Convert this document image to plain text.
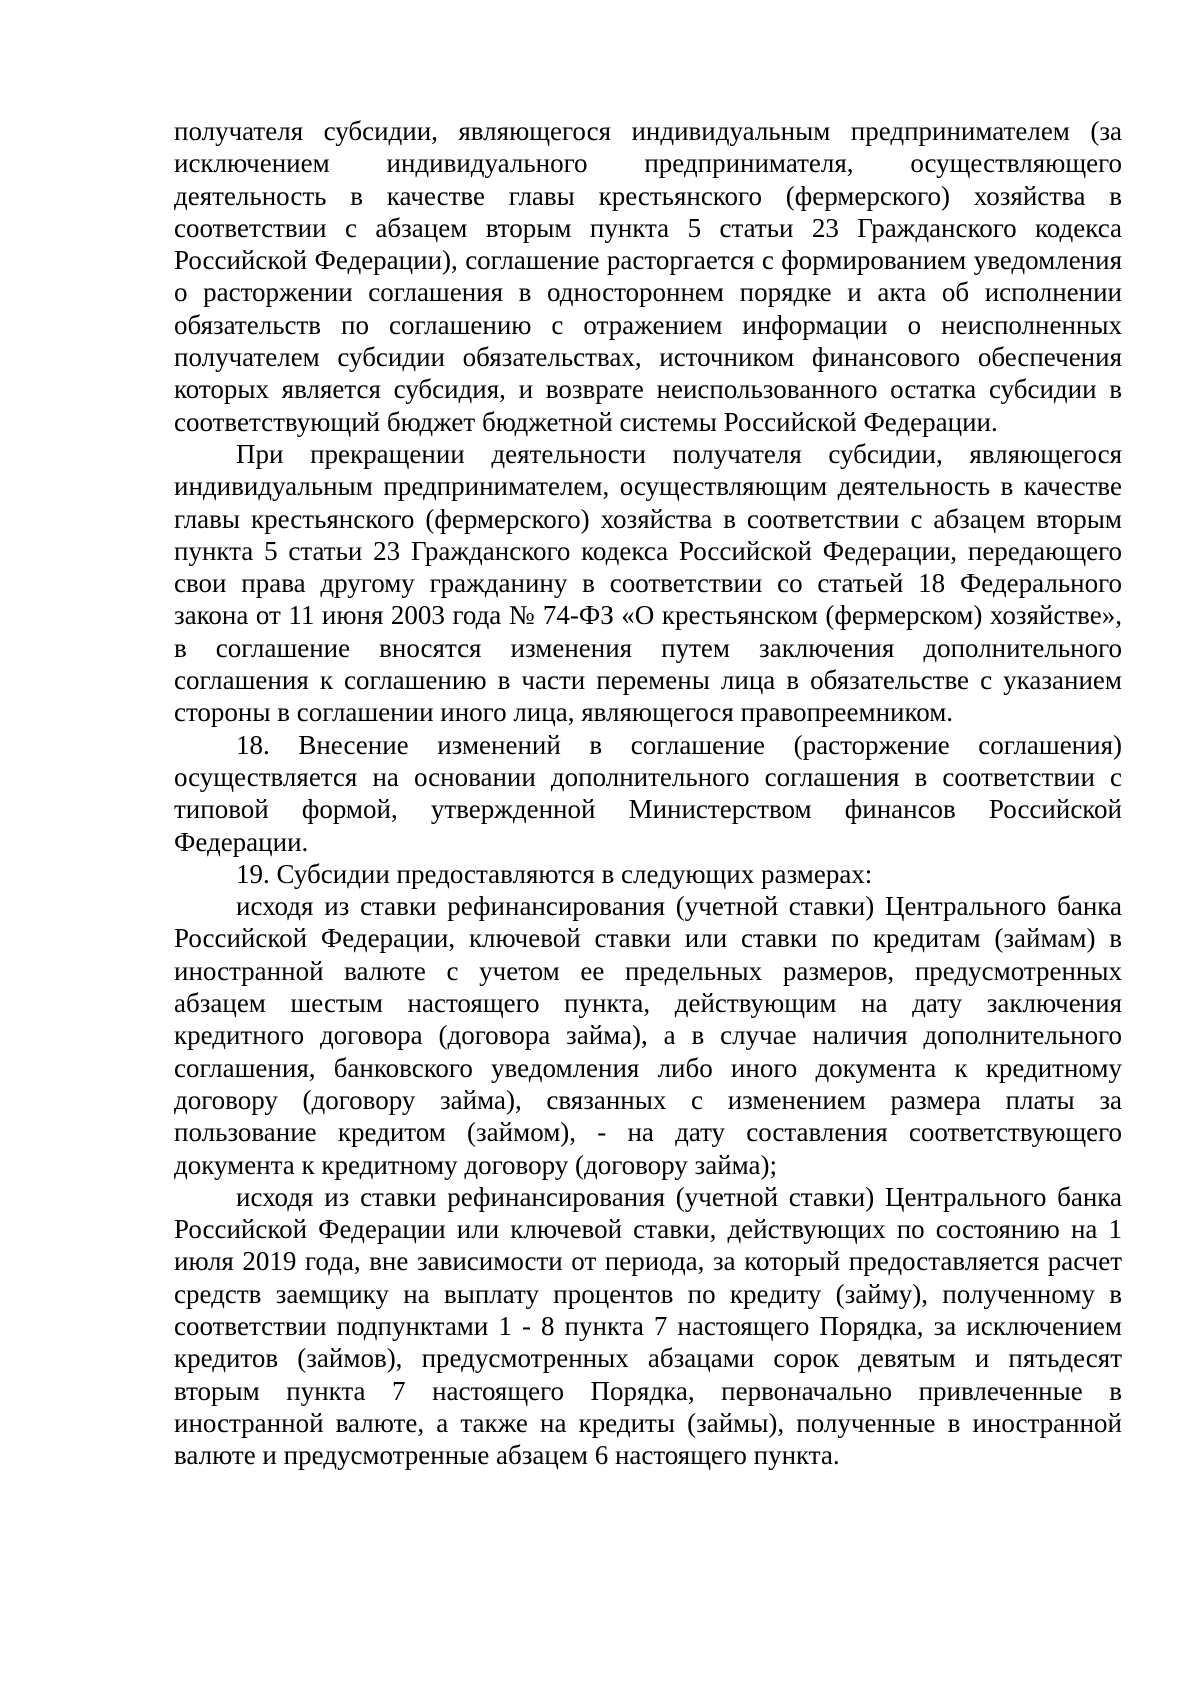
получателя субсидии, являющегося индивидуальным предпринимателем (за исключением индивидуального предпринимателя, осуществляющего деятельность в качестве главы крестьянского (фермерского) хозяйства в соответствии с абзацем вторым пункта 5 статьи 23 Гражданского кодекса Российской Федерации), соглашение расторгается с формированием уведомления о расторжении соглашения в одностороннем порядке и акта об исполнении обязательств по соглашению с отражением информации о неисполненных получателем субсидии обязательствах, источником финансового обеспечения которых является субсидия, и возврате неиспользованного остатка субсидии в соответствующий бюджет бюджетной системы Российской Федерации.

При прекращении деятельности получателя субсидии, являющегося индивидуальным предпринимателем, осуществляющим деятельность в качестве главы крестьянского (фермерского) хозяйства в соответствии с абзацем вторым пункта 5 статьи 23 Гражданского кодекса Российской Федерации, передающего свои права другому гражданину в соответствии со статьей 18 Федерального закона от 11 июня 2003 года № 74-ФЗ «О крестьянском (фермерском) хозяйстве», в соглашение вносятся изменения путем заключения дополнительного соглашения к соглашению в части перемены лица в обязательстве с указанием стороны в соглашении иного лица, являющегося правопреемником.

18. Внесение изменений в соглашение (расторжение соглашения) осуществляется на основании дополнительного соглашения в соответствии с типовой формой, утвержденной Министерством финансов Российской Федерации.

19. Субсидии предоставляются в следующих размерах:

исходя из ставки рефинансирования (учетной ставки) Центрального банка Российской Федерации, ключевой ставки или ставки по кредитам (займам) в иностранной валюте с учетом ее предельных размеров, предусмотренных абзацем шестым настоящего пункта, действующим на дату заключения кредитного договора (договора займа), а в случае наличия дополнительного соглашения, банковского уведомления либо иного документа к кредитному договору (договору займа), связанных с изменением размера платы за пользование кредитом (займом), - на дату составления соответствующего документа к кредитному договору (договору займа);

исходя из ставки рефинансирования (учетной ставки) Центрального банка Российской Федерации или ключевой ставки, действующих по состоянию на 1 июля 2019 года, вне зависимости от периода, за который предоставляется расчет средств заемщику на выплату процентов по кредиту (займу), полученному в соответствии подпунктами 1 - 8 пункта 7 настоящего Порядка, за исключением кредитов (займов), предусмотренных абзацами сорок девятым и пятьдесят вторым пункта 7 настоящего Порядка, первоначально привлеченные в иностранной валюте, а также на кредиты (займы), полученные в иностранной валюте и предусмотренные абзацем 6 настоящего пункта.
